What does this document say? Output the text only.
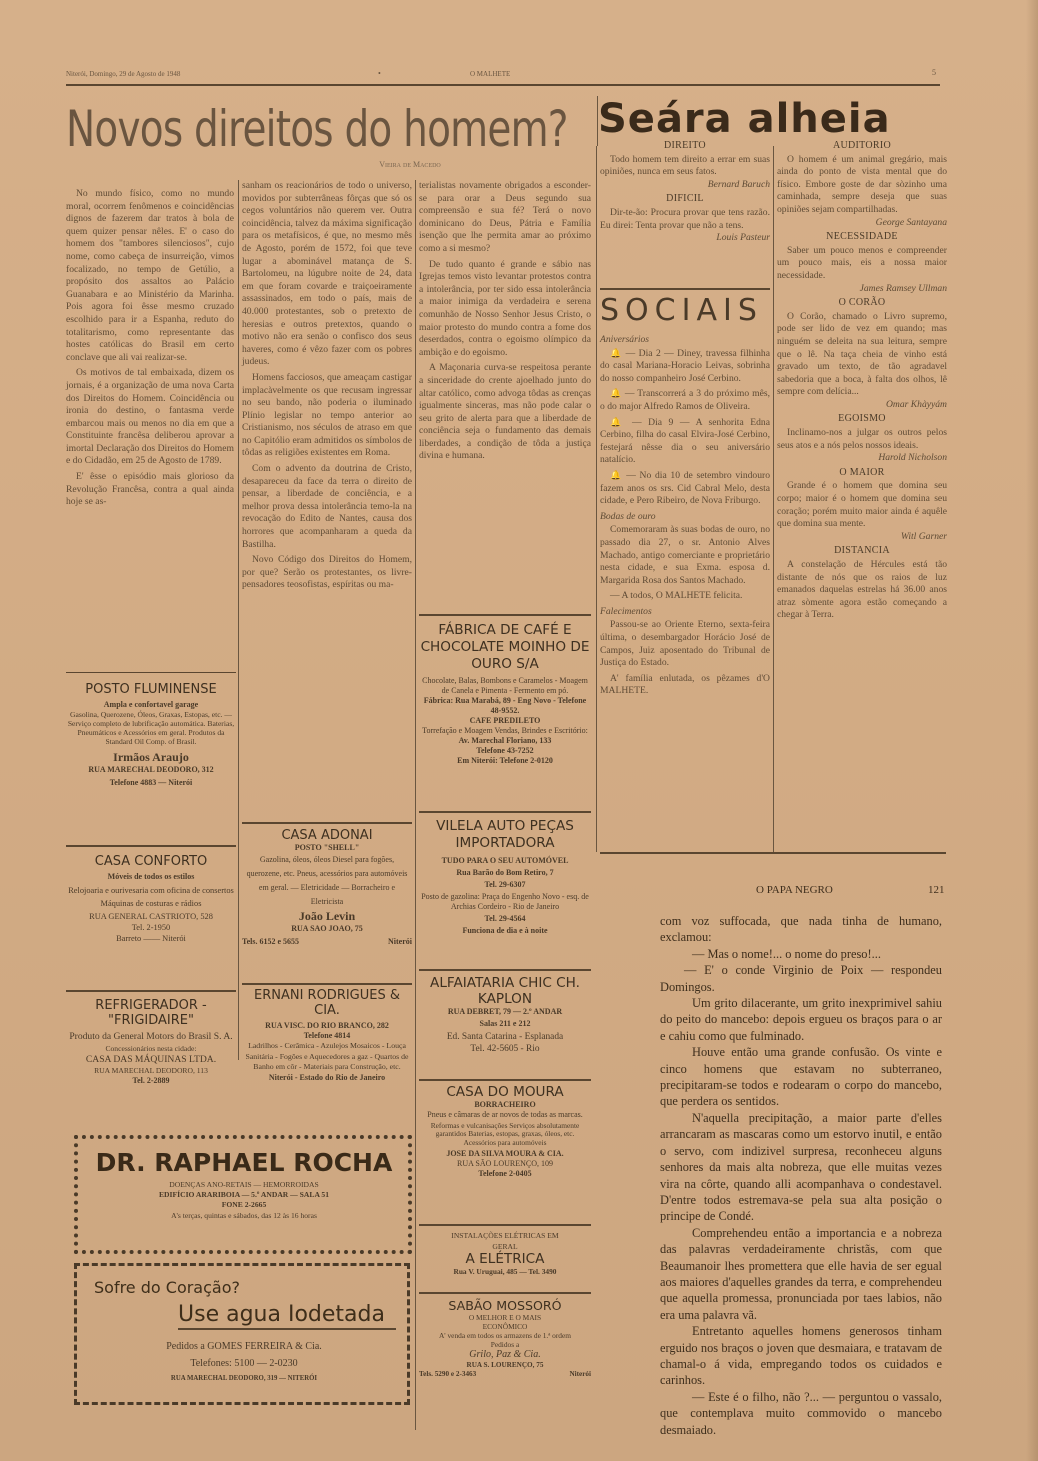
Niterói, Domingo, 29 de Agosto de 1948	•	O MALHETE	5
Novos direitos do homem? Seára alheia
Vieira de Macedo

No mundo físico, como no mundo moral, ocorrem fenômenos e coincidências dignos de fazerem dar tratos à bola de quem quizer pensar nêles. E' o caso do homem dos "tambores silenciosos", cujo nome, como cabeça de insurreição, vimos focalizado, no tempo de Getúlio, a propósito dos assaltos ao Palácio Guanabara e ao Ministério da Marinha. Pois agora foi êsse mesmo cruzado escolhido para ir a Espanha, reduto do totalitarismo, como representante das hostes católicas do Brasil em certo conclave que ali vai realizar-se.

Os motivos de tal embaixada, dizem os jornais, é a organização de uma nova Carta dos Direitos do Homem. Coincidência ou ironia do destino, o fantasma verde embarcou mais ou menos no dia em que a Constituinte francêsa deliberou aprovar a imortal Declaração dos Direitos do Homem e do Cidadão, em 25 de Agosto de 1789.

E' êsse o episódio mais glorioso da Revolução Francêsa, contra a qual ainda hoje se as-

sanham os reacionários de todo o universo, movidos por subterrâneas fôrças que só os cegos voluntários não querem ver. Outra coincidência, talvez da máxima significação para os metafísicos, é que, no mesmo mês de Agosto, porém de 1572, foi que teve lugar a abominável matança de S. Bartolomeu, na lúgubre noite de 24, data em que foram covarde e traiçoeiramente assassinados, em todo o país, mais de 40.000 protestantes, sob o pretexto de heresias e outros pretextos, quando o motivo não era senão o confisco dos seus haveres, como é vêzo fazer com os pobres judeus.

Homens facciosos, que ameaçam castigar implacàvelmente os que recusam ingressar no seu bando, não poderia o iluminado Plínio legislar no tempo anterior ao Cristianismo, nos séculos de atraso em que no Capitólio eram admitidos os símbolos de tôdas as religiões existentes em Roma.

Com o advento da doutrina de Cristo, desapareceu da face da terra o direito de pensar, a liberdade de conciência, e a melhor prova dessa intolerância temo-la na revocação do Edito de Nantes, causa dos horrores que acompanharam a queda da Bastilha.

Novo Código dos Direitos do Homem, por que? Serão os protestantes, os livre-pensadores teosofistas, espíritas ou ma-

terialistas novamente obrigados a esconder-se para orar a Deus segundo sua compreensão e sua fé? Terá o novo dominicano do Deus, Pátria e Família isenção que lhe permita amar ao próximo como a si mesmo?

De tudo quanto é grande e sábio nas Igrejas temos visto levantar protestos contra a intolerância, por ter sido essa intolerância a maior inimiga da verdadeira e serena comunhão de Nosso Senhor Jesus Cristo, o maior protesto do mundo contra a fome dos deserdados, contra o egoismo olímpico da ambição e do egoismo.

A Maçonaria curva-se respeitosa perante a sinceridade do crente ajoelhado junto do altar católico, como advoga tôdas as crenças igualmente sinceras, mas não pode calar o seu grito de alerta para que a liberdade de conciência seja o fundamento das demais liberdades, a condição de tôda a justiça divina e humana.

DIREITO

Todo homem tem direito a errar em suas opiniões, nunca em seus fatos.

Bernard Baruch
DIFICIL

Dir-te-ão: Procura provar que tens razão. Eu direi: Tenta provar que não a tens.

Louis Pasteur
AUDITORIO

O homem é um animal gregário, mais ainda do ponto de vista mental que do físico. Embore goste de dar sòzinho uma caminhada, sempre deseja que suas opiniões sejam compartilhadas.

George Santayana
NECESSIDADE

Saber um pouco menos e compreender um pouco mais, eis a nossa maior necessidade.

James Ramsey Ullman
O CORÃO

O Corão, chamado o Livro supremo, pode ser lido de vez em quando; mas ninguém se deleita na sua leitura, sempre que o lê. Na taça cheia de vinho está gravado um texto, de tão agradavel sabedoria que a boca, à falta dos olhos, lê sempre com delícia...

Omar Khàyyám
EGOISMO

Inclinamo-nos a julgar os outros pelos seus atos e a nós pelos nossos ideais.

Harold Nicholson
O MAIOR

Grande é o homem que domina seu corpo; maior é o homem que domina seu coração; porém muito maior ainda é aquêle que domina sua mente.

Witl Garner
DISTANCIA

A constelação de Hércules está tão distante de nós que os raios de luz emanados daquelas estrelas há 36.00 anos atraz sòmente agora estão começando a chegar à Terra.

SOCIAIS
Aniversários

🔔 — Dia 2 — Diney, travessa filhinha do casal Mariana-Horacio Leivas, sobrinha do nosso companheiro José Cerbino.

🔔 — Transcorrerá a 3 do próximo mês, o do major Alfredo Ramos de Oliveira.

🔔 — Dia 9 — A senhorita Edna Cerbino, filha do casal Elvira-José Cerbino, festejará nêsse dia o seu aniversário natalício.

🔔 — No dia 10 de setembro vindouro fazem anos os srs. Cid Cabral Melo, desta cidade, e Pero Ribeiro, de Nova Friburgo.

Bodas de ouro

Comemoraram às suas bodas de ouro, no passado dia 27, o sr. Antonio Alves Machado, antigo comerciante e proprietário nesta cidade, e sua Exma. esposa d. Margarida Rosa dos Santos Machado.

— A todos, O MALHETE felicita.

Falecimentos

Passou-se ao Oriente Eterno, sexta-feira última, o desembargador Horácio José de Campos, Juiz aposentado do Tribunal de Justiça do Estado.

A' família enlutada, os pêzames d'O MALHETE.

POSTO FLUMINENSE
Ampla e confortavel garage
Gasolina, Querozene, Óleos, Graxas, Estopas, etc. — Serviço completo de lubrificação automática. Baterias, Pneumáticos e Acessórios em geral. Produtos da Standard Oil Comp. of Brasil.
Irmãos Araujo
RUA MARECHAL DEODORO, 312
Telefone 4883 — Niterói
CASA CONFORTO
Móveis de todos os estilos
Relojoaria e ourivesaria com oficina de consertos
Máquinas de costuras e rádios
RUA GENERAL CASTRIOTO, 528
Tel. 2-1950
Barreto —— Niterói
REFRIGERADOR - "FRIGIDAIRE"
Produto da General Motors do Brasil S. A.
Concessionários nesta cidade:
CASA DAS MÁQUINAS LTDA.
RUA MARECHAL DEODORO, 113
Tel. 2-2889
CASA ADONAI
POSTO "SHELL"
Gazolina, óleos, óleos Diesel para fogões, querozene, etc. Pneus, acessórios para automóveis em geral. — Eletricidade — Borracheiro e Eletricista
João Levin
RUA SAO JOAO, 75
Tels. 6152 e 5655	Niterói
ERNANI RODRIGUES & CIA.
RUA VISC. DO RIO BRANCO, 282
Telefone 4814
Ladrilhos - Cerâmica - Azulejos Mosaicos - Louça Sanitária - Fogões e Aquecedores a gaz - Quartos de Banho em côr - Materiais para Construção, etc.
Niterói - Estado do Rio de Janeiro
FÁBRICA DE CAFÉ E CHOCOLATE MOINHO DE OURO S/A
Chocolate, Balas, Bombons e Caramelos - Moagem de Canela e Pimenta - Fermento em pó.
Fábrica: Rua Marabá, 89 - Eng Novo - Telefone 48-9552.
CAFE PREDILETO
Torrefação e Moagem Vendas, Brindes e Escritório:
Av. Marechal Floriano, 133
Telefone 43-7252
Em Niterói: Telefone 2-0120
VILELA AUTO PEÇAS IMPORTADORA
TUDO PARA O SEU AUTOMÓVEL
Rua Barão do Bom Retiro, 7
Tel. 29-6307
Posto de gazolina: Praça do Engenho Novo - esq. de Archias Cordeiro - Rio de Janeiro
Tel. 29-4564
Funciona de dia e à noite
ALFAIATARIA CHIC CH. KAPLON
RUA DEBRET, 79 — 2.º ANDAR
Salas 211 e 212
Ed. Santa Catarina - Esplanada
Tel. 42-5605 - Rio
CASA DO MOURA
BORRACHEIRO
Pneus e câmaras de ar novos de todas as marcas.
Reformas e vulcanisações Serviços absolutamente garantidos Baterias, estopas, graxas, óleos, etc. Acessórios para automóveis
JOSE DA SILVA MOURA & CIA.
RUA SÃO LOURENÇO, 109
Telefone 2-0405
INSTALAÇÕES ELÉTRICAS EM GERAL
A ELÉTRICA
Rua V. Uruguai, 485 — Tel. 3490
SABÃO MOSSORÓ
O MELHOR E O MAIS ECONÔMICO
A' venda em todos os armazens de 1.ª ordem
Pedidos a
Grilo, Paz & Cia.
RUA S. LOURENÇO, 75
Tels. 5290 e 2-3463	Niterói
DR. RAPHAEL ROCHA
DOENÇAS ANO-RETAIS — HEMORROIDAS
EDIFÍCIO ARARIBOIA — 5.º ANDAR — SALA 51
FONE 2-2665
A's terças, quintas e sábados, das 12 às 16 horas
Sofre do Coração?
Use agua Iodetada
Pedidos a GOMES FERREIRA & Cia.
Telefones: 5100 — 2-0230
RUA MARECHAL DEODORO, 319 — NITERÓI
O PAPA NEGRO	121

com voz suffocada, que nada tinha de humano, exclamou:

— Mas o nome!... o nome do preso!...

— E' o conde Virginio de Poix — respondeu Domingos.

Um grito dilacerante, um grito inexprimivel sahiu do peito do mancebo: depois ergueu os braços para o ar e cahiu como que fulminado.

Houve então uma grande confusão. Os vinte e cinco homens que estavam no subterraneo, precipitaram-se todos e rodearam o corpo do mancebo, que perdera os sentidos.

N'aquella precipitação, a maior parte d'elles arrancaram as mascaras como um estorvo inutil, e então o servo, com indizivel surpresa, reconheceu alguns senhores da mais alta nobreza, que elle muitas vezes vira na côrte, quando alli acompanhava o condestavel. D'entre todos estremava-se pela sua alta posição o principe de Condé.

Comprehendeu então a importancia e a nobreza das palavras verdadeiramente christãs, com que Beaumanoir lhes promettera que elle havia de ser egual aos maiores d'aquelles grandes da terra, e comprehendeu que aquella promessa, pronunciada por taes labios, não era uma palavra vã.

Entretanto aquelles homens generosos tinham erguido nos braços o joven que desmaiara, e tratavam de chamal-o á vida, empregando todos os cuidados e carinhos.

— Este é o filho, não ?... — perguntou o vassalo, que contemplava muito commovido o mancebo desmaiado.
